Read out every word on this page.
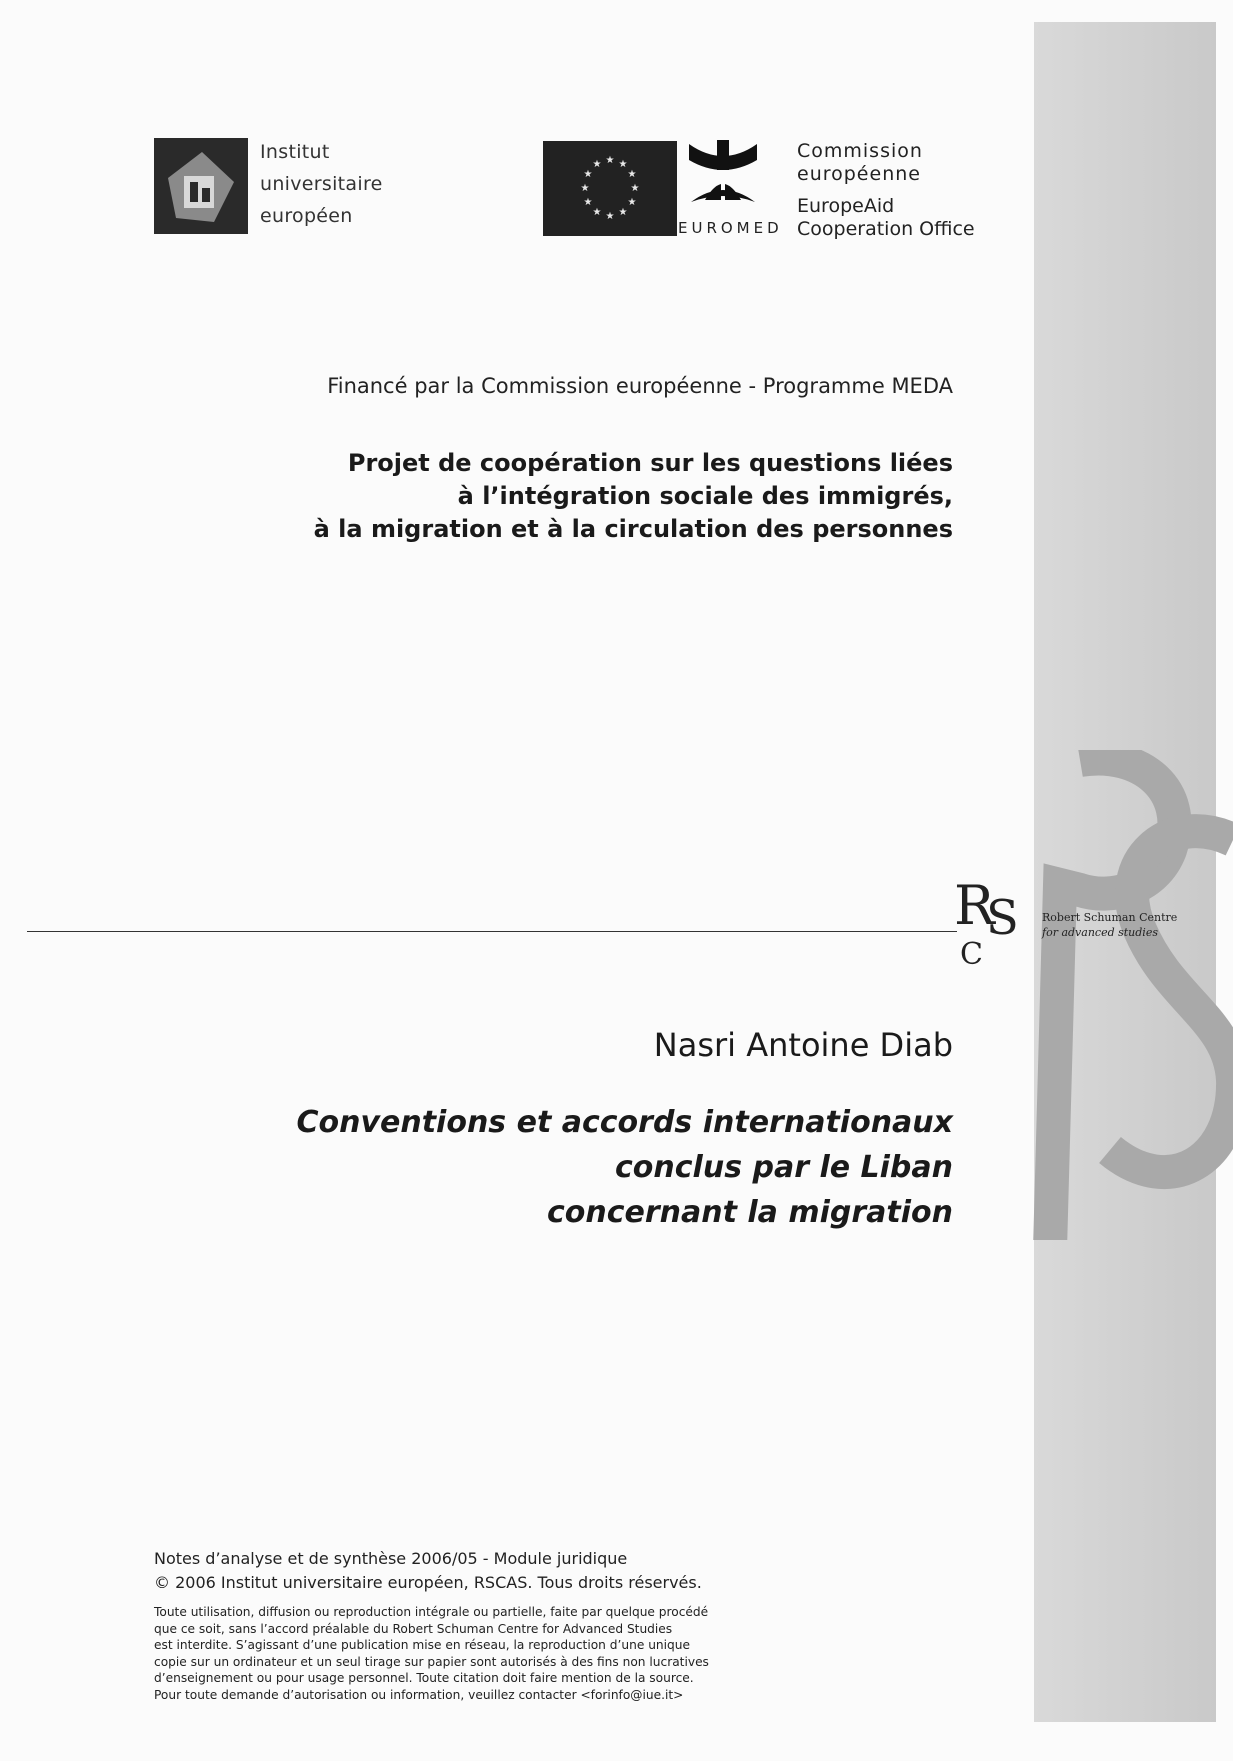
Institut
universitaire
européen
★ ★
★
★
★
★
★
★
★
★
★
★
EUROMED
Commission
européenne
EuropeAid
Cooperation Office
Financé par la Commission européenne - Programme MEDA
Projet de coopération sur les questions liées
à l’intégration sociale des immigrés,
à la migration et à la circulation des personnes
R
S
C
Robert Schuman Centre
for advanced studies
Nasri Antoine Diab
Conventions et accords internationaux
conclus par le Liban
concernant la migration
Notes d’analyse et de synthèse 2006/05 - Module juridique
© 2006 Institut universitaire européen, RSCAS. Tous droits réservés.
Toute utilisation, diffusion ou reproduction intégrale ou partielle, faite par quelque procédé
que ce soit, sans l’accord préalable du Robert Schuman Centre for Advanced Studies
est interdite. S’agissant d’une publication mise en réseau, la reproduction d’une unique
copie sur un ordinateur et un seul tirage sur papier sont autorisés à des fins non lucratives
d’enseignement ou pour usage personnel. Toute citation doit faire mention de la source.
Pour toute demande d’autorisation ou information, veuillez contacter <forinfo@iue.it>
